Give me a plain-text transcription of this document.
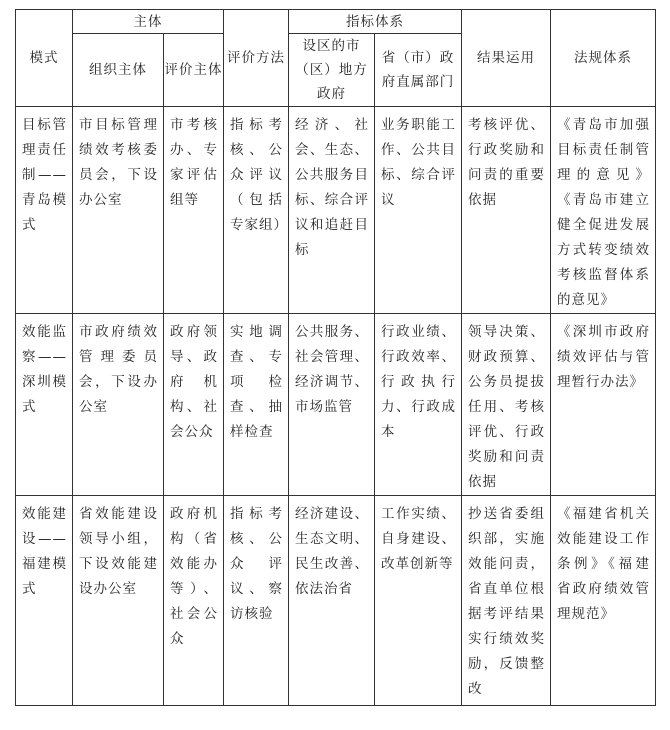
模式	主体		评价方法	指标体系		结果运用	法规体系
	组织主体	评价主体		设区的市（区）地方政府	省（市）政府直属部门		

目标管理责任制——青岛模式	市目标管理绩效考核委员会，下设办公室	市考核办、专家评估组等	指标考核、公众评议（包括专家组）	经济、社会、生态、公共服务目标、综合评议和追赶目标	业务职能工作、公共目标、综合评议	考核评优、行政奖励和问责的重要依据	《青岛市加强目标责任制管理的意见》《青岛市建立健全促进发展方式转变绩效考核监督体系的意见》

效能监察——深圳模式	市政府绩效管理委员会，下设办公室	政府领导、政府机构、社会公众	实地调查、专项检查、抽样检查	公共服务、社会管理、经济调节、市场监管	行政业绩、行政效率、行政执行力、行政成本	领导决策、财政预算、公务员提拔任用、考核评优、行政奖励和问责依据	《深圳市政府绩效评估与管理暂行办法》

效能建设——福建模式	省效能建设领导小组，下设效能建设办公室	政府机构（省效能办等）、社会公众	指标考核、公众评议、察访核验	经济建设、生态文明、民生改善、依法治省	工作实绩、自身建设、改革创新等	抄送省委组织部，实施效能问责，省直单位根据考评结果实行绩效奖励，反馈整改	《福建省机关效能建设工作条例》《福建省政府绩效管理规范》
